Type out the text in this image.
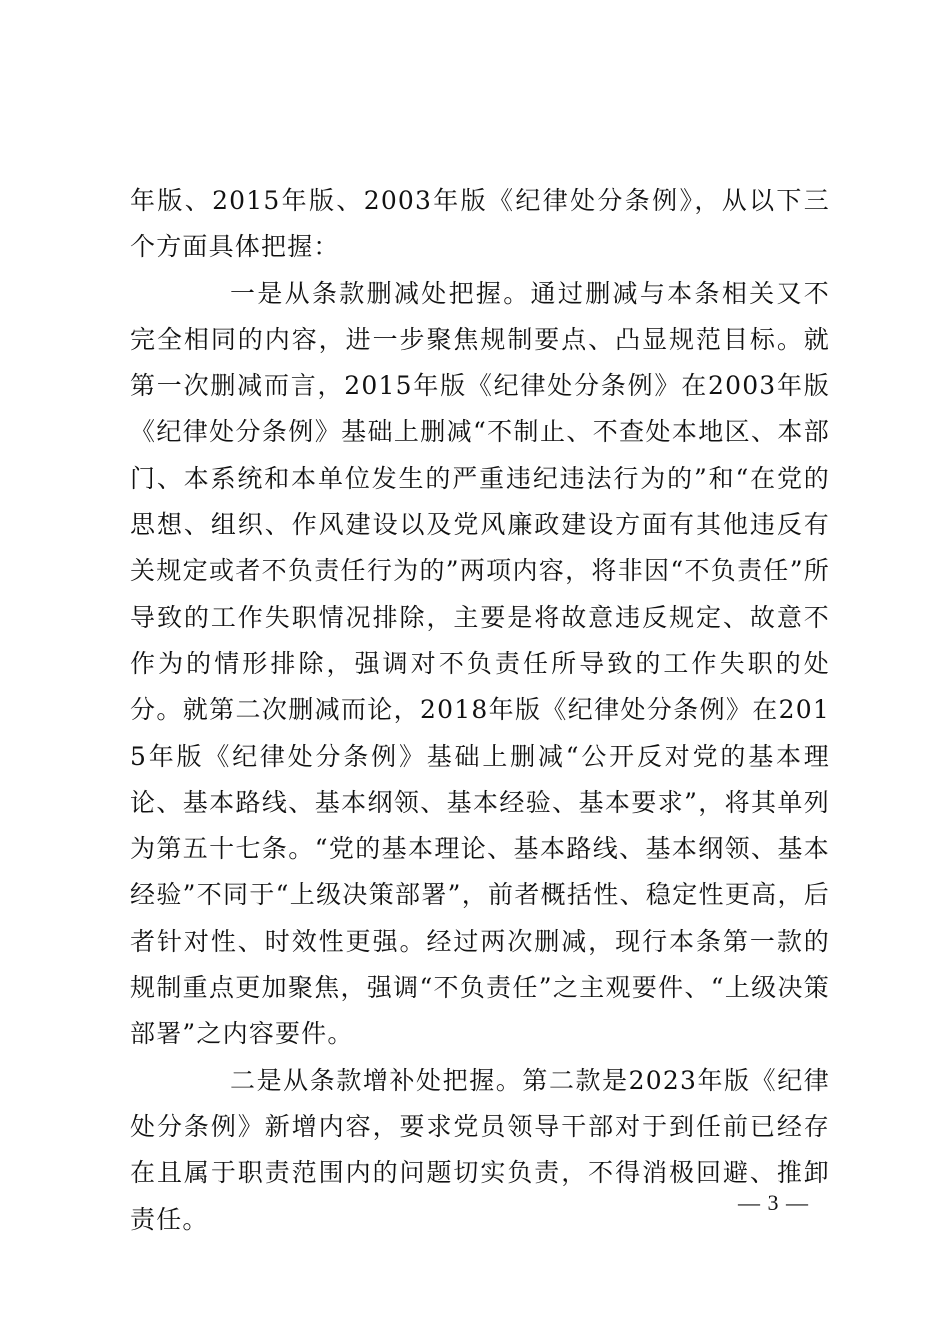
年版、2015年版、2003年版《纪律处分条例》，从以下三个方面具体把握：

一是从条款删减处把握。通过删减与本条相关又不完全相同的内容，进一步聚焦规制要点、凸显规范目标。就第一次删减而言，2015年版《纪律处分条例》在2003年版《纪律处分条例》基础上删减“不制止、不查处本地区、本部门、本系统和本单位发生的严重违纪违法行为的”和“在党的思想、组织、作风建设以及党风廉政建设方面有其他违反有关规定或者不负责任行为的”两项内容，将非因“不负责任”所导致的工作失职情况排除，主要是将故意违反规定、故意不作为的情形排除，强调对不负责任所导致的工作失职的处分。就第二次删减而论，2018年版《纪律处分条例》在2015年版《纪律处分条例》基础上删减“公开反对党的基本理论、基本路线、基本纲领、基本经验、基本要求”，将其单列为第五十七条。“党的基本理论、基本路线、基本纲领、基本经验”不同于“上级决策部署”，前者概括性、稳定性更高，后者针对性、时效性更强。经过两次删减，现行本条第一款的规制重点更加聚焦，强调“不负责任”之主观要件、“上级决策部署”之内容要件。

二是从条款增补处把握。第二款是2023年版《纪律处分条例》新增内容，要求党员领导干部对于到任前已经存在且属于职责范围内的问题切实负责，不得消极回避、推卸责任。

— 3 —
